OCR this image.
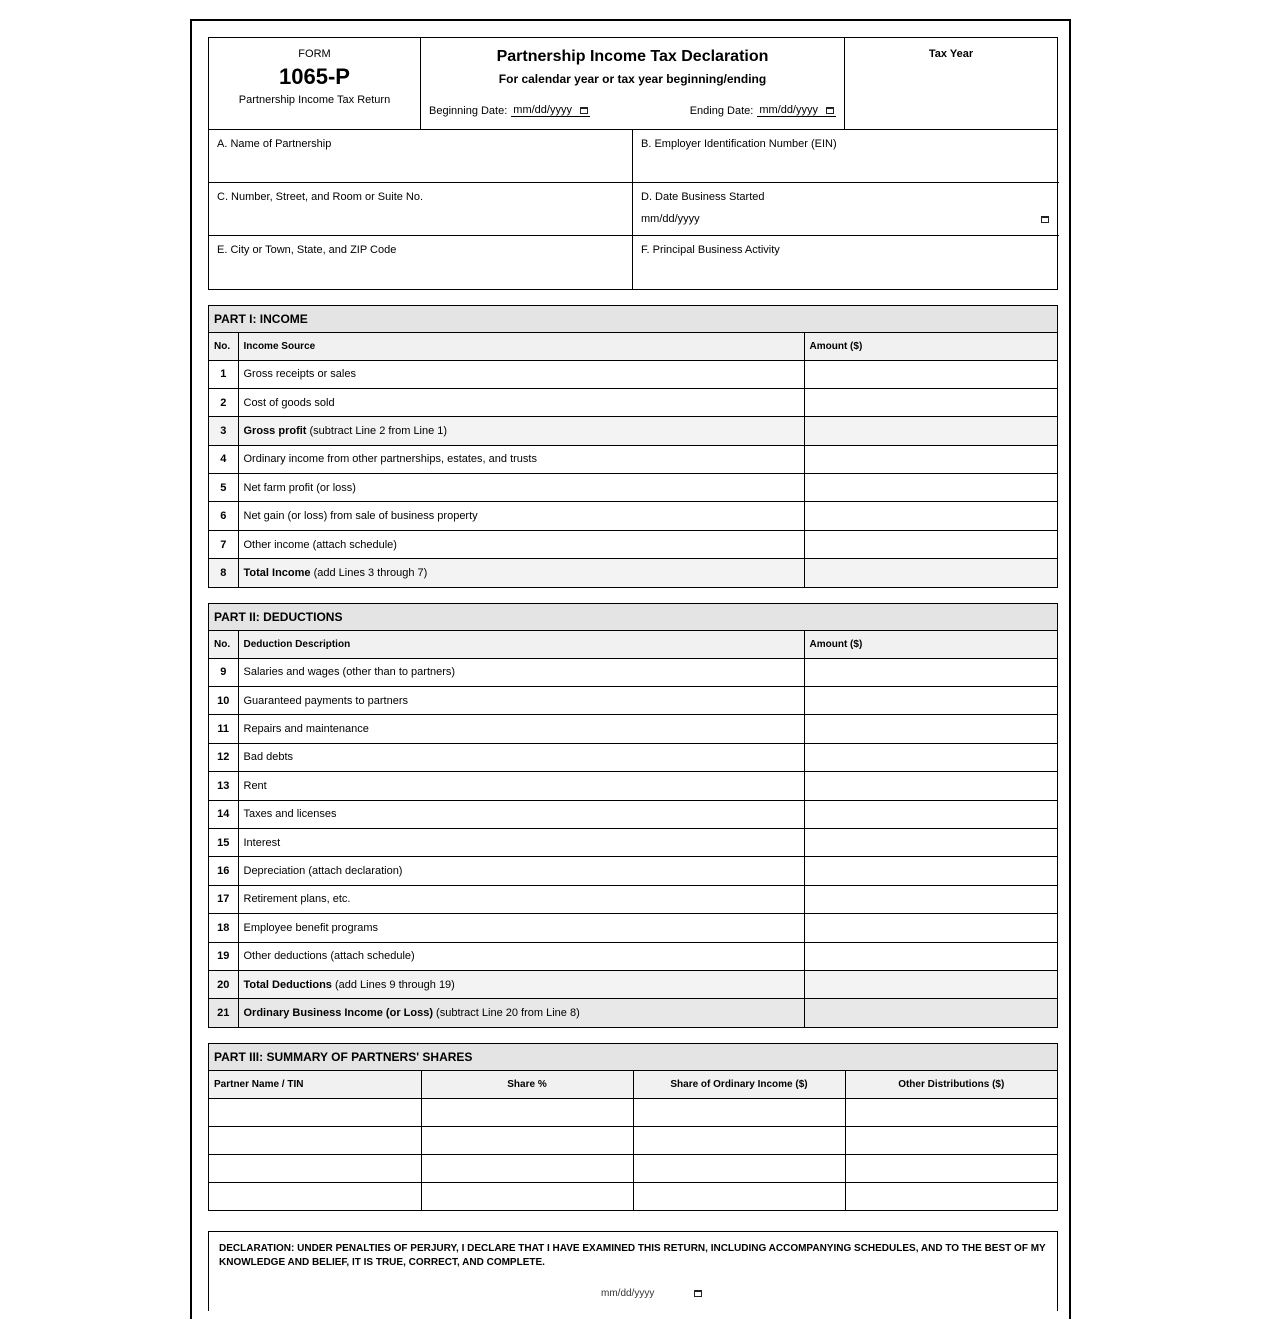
FORM
1065-P
Partnership Income Tax Return
Partnership Income Tax Declaration
For calendar year or tax year beginning/ending
Beginning Date: mm/dd/yyyy	Ending Date: mm/dd/yyyy
Tax Year
A. Name of Partnership	B. Employer Identification Number (EIN)
C. Number, Street, and Room or Suite No.	D. Date Business Started
mm/dd/yyyy
E. City or Town, State, and ZIP Code	F. Principal Business Activity
PART I: INCOME
No.	Income Source	Amount ($)
1	Gross receipts or sales	
2	Cost of goods sold	
3	Gross profit (subtract Line 2 from Line 1)	
4	Ordinary income from other partnerships, estates, and trusts	
5	Net farm profit (or loss)	
6	Net gain (or loss) from sale of business property	
7	Other income (attach schedule)	
8	Total Income (add Lines 3 through 7)	
PART II: DEDUCTIONS
No.	Deduction Description	Amount ($)
9	Salaries and wages (other than to partners)	
10	Guaranteed payments to partners	
11	Repairs and maintenance	
12	Bad debts	
13	Rent	
14	Taxes and licenses	
15	Interest	
16	Depreciation (attach declaration)	
17	Retirement plans, etc.	
18	Employee benefit programs	
19	Other deductions (attach schedule)	
20	Total Deductions (add Lines 9 through 19)	
21	Ordinary Business Income (or Loss) (subtract Line 20 from Line 8)	
PART III: SUMMARY OF PARTNERS' SHARES
Partner Name / TIN	Share %	Share of Ordinary Income ($)	Other Distributions ($)

DECLARATION: UNDER PENALTIES OF PERJURY, I DECLARE THAT I HAVE EXAMINED THIS RETURN, INCLUDING ACCOMPANYING SCHEDULES, AND TO THE BEST OF MY KNOWLEDGE AND BELIEF, IT IS TRUE, CORRECT, AND COMPLETE.
mm/dd/yyyy
